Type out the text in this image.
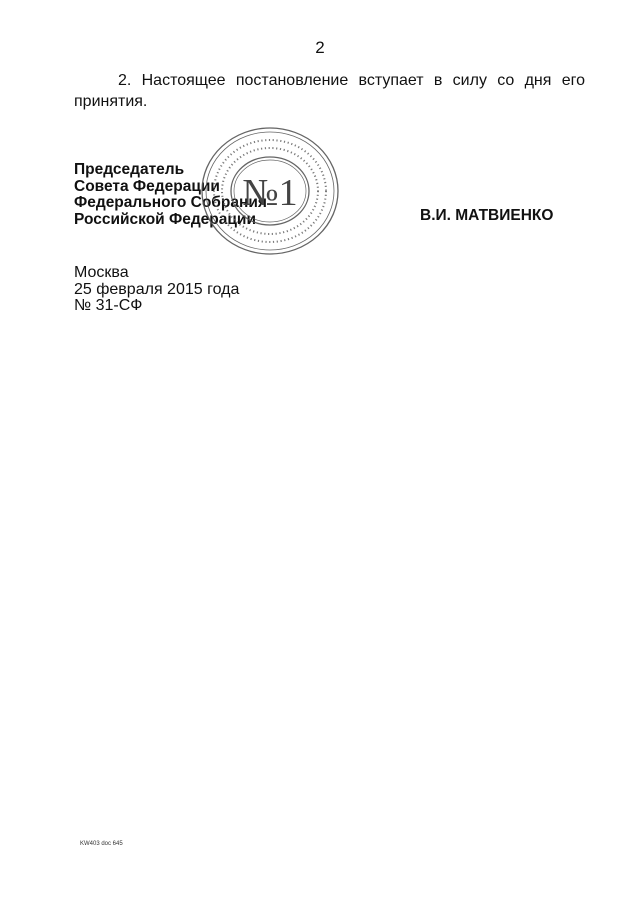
2
2. Настоящее постановление вступает в силу со дня его принятия.
Председатель
Совета Федерации
Федерального Собрания
Российской Федерации
№1
В.И. МАТВИЕНКО
Москва
25 февраля 2015 года
№ 31-СФ
KW403 doc 645
